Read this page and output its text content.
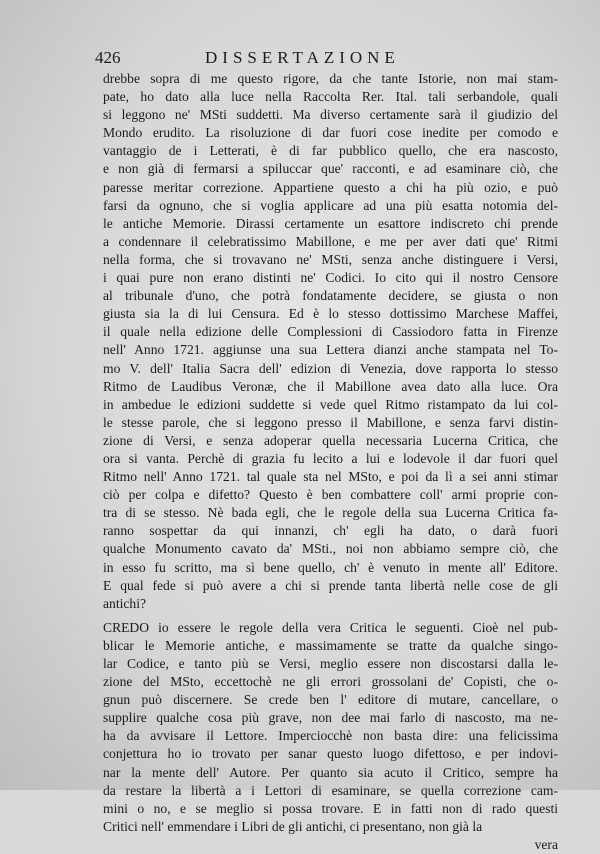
426	DISSERTAZIONE
drebbe sopra di me questo rigore, da che tante Istorie, non mai stam-
pate, ho dato alla luce nella Raccolta Rer. Ital. tali serbandole, quali
si leggono ne' MSti suddetti. Ma diverso certamente sarà il giudizio del
Mondo erudito. La risoluzione di dar fuori cose inedite per comodo e
vantaggio de i Letterati, è di far pubblico quello, che era nascosto,
e non già di fermarsi a spiluccar que' racconti, e ad esaminare ciò, che
paresse meritar correzione. Appartiene questo a chi ha più ozio, e può
farsi da ognuno, che si voglia applicare ad una più esatta notomia del-
le antiche Memorie. Dirassi certamente un esattore indiscreto chi prende
a condennare il celebratissimo Mabillone, e me per aver dati que' Ritmi
nella forma, che si trovavano ne' MSti, senza anche distinguere i Versi,
i quai pure non erano distinti ne' Codici. Io cito qui il nostro Censore
al tribunale d'uno, che potrà fondatamente decidere, se giusta o non
giusta sia la di lui Censura. Ed è lo stesso dottissimo Marchese Maffei,
il quale nella edizione delle Complessioni di Cassiodoro fatta in Firenze
nell' Anno 1721. aggiunse una sua Lettera dianzi anche stampata nel To-
mo V. dell' Italia Sacra dell' edizion di Venezia, dove rapporta lo stesso
Ritmo de Laudibus Veronæ, che il Mabillone avea dato alla luce. Ora
in ambedue le edizioni suddette si vede quel Ritmo ristampato da lui col-
le stesse parole, che si leggono presso il Mabillone, e senza farvi distin-
zione di Versi, e senza adoperar quella necessaria Lucerna Critica, che
ora si vanta. Perchè di grazia fu lecito a lui e lodevole il dar fuori quel
Ritmo nell' Anno 1721. tal quale sta nel MSto, e poi da lì a sei anni stimar
ciò per colpa e difetto? Questo è ben combattere coll' armi proprie con-
tra di se stesso. Nè bada egli, che le regole della sua Lucerna Critica fa-
ranno sospettar da qui innanzi, ch' egli ha dato, o darà fuori
qualche Monumento cavato da' MSti., noi non abbiamo sempre ciò, che
in esso fu scritto, ma sì bene quello, ch' è venuto in mente all' Editore.
E qual fede si può avere a chi si prende tanta libertà nelle cose de gli
antichi?
CREDO io essere le regole della vera Critica le seguenti. Cioè nel pub-
blicar le Memorie antiche, e massimamente se tratte da qualche singo-
lar Codice, e tanto più se Versi, meglio essere non discostarsi dalla le-
zione del MSto, eccettochè ne gli errori grossolani de' Copisti, che o-
gnun può discernere. Se crede ben l' editore di mutare, cancellare, o
supplire qualche cosa più grave, non dee mai farlo di nascosto, ma ne-
ha da avvisare il Lettore. Imperciocchè non basta dire: una felicissima
conjettura ho io trovato per sanar questo luogo difettoso, e per indovi-
nar la mente dell' Autore. Per quanto sia acuto il Critico, sempre ha
da restare la libertà a i Lettori di esaminare, se quella correzione cam-
mini o no, e se meglio si possa trovare. E in fatti non di rado questi
Critici nell' emmendare i Libri de gli antichi, ci presentano, non già la
vera
